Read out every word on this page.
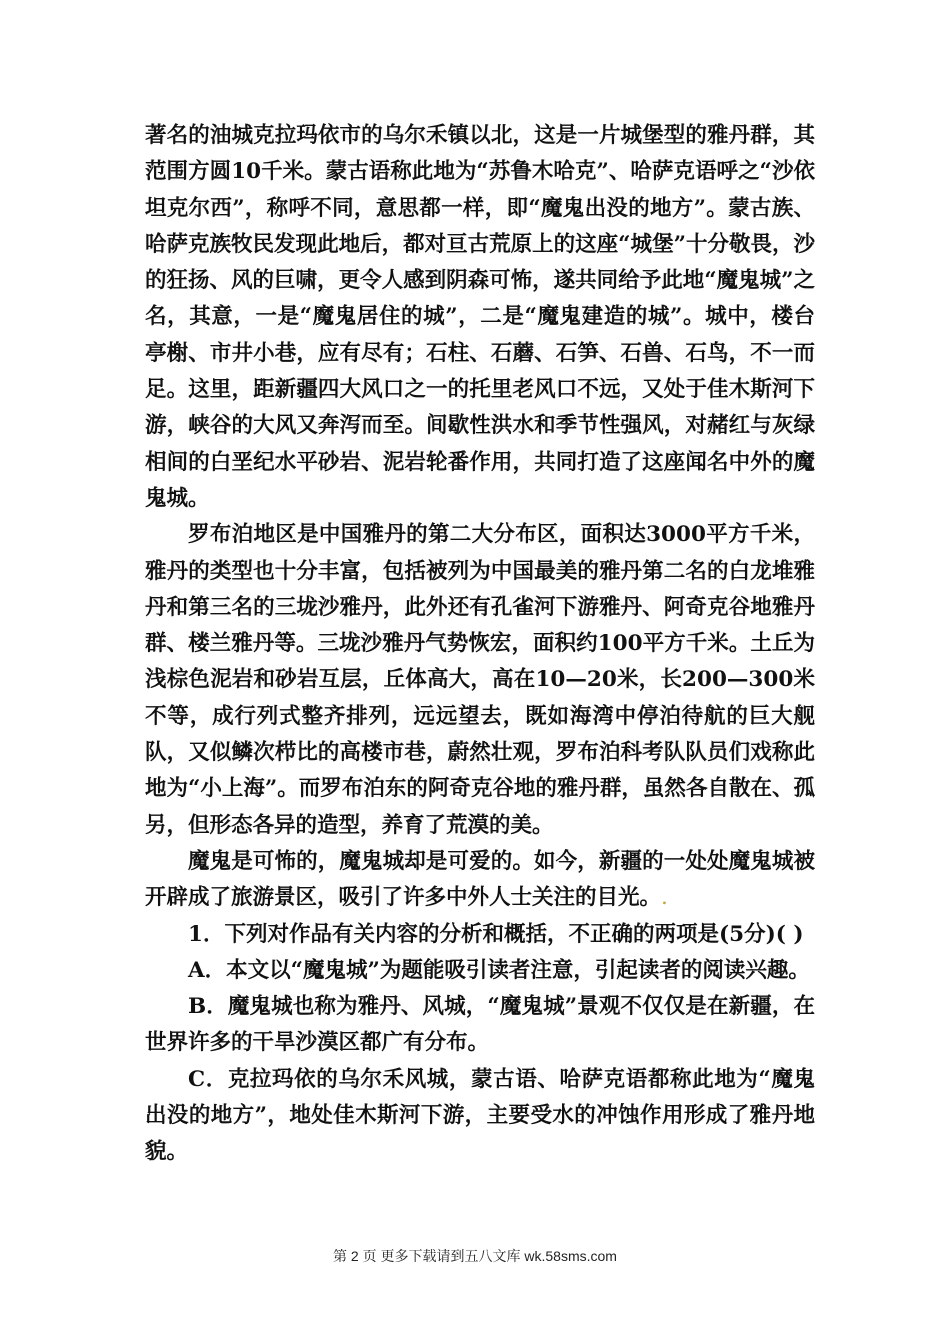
著名的油城克拉玛依市的乌尔禾镇以北，这是一片城堡型的雅丹群，其范围方圆10千米。蒙古语称此地为“苏鲁木哈克”、哈萨克语呼之“沙依坦克尔西”，称呼不同，意思都一样，即“魔鬼出没的地方”。蒙古族、哈萨克族牧民发现此地后，都对亘古荒原上的这座“城堡”十分敬畏，沙的狂扬、风的巨啸，更令人感到阴森可怖，遂共同给予此地“魔鬼城”之名，其意，一是“魔鬼居住的城”，二是“魔鬼建造的城”。城中，楼台亭榭、市井小巷，应有尽有；石柱、石蘑、石笋、石兽、石鸟，不一而足。这里，距新疆四大风口之一的托里老风口不远，又处于佳木斯河下游，峡谷的大风又奔泻而至。间歇性洪水和季节性强风，对赭红与灰绿相间的白垩纪水平砂岩、泥岩轮番作用，共同打造了这座闻名中外的魔鬼城。

罗布泊地区是中国雅丹的第二大分布区，面积达3000平方千米，雅丹的类型也十分丰富，包括被列为中国最美的雅丹第二名的白龙堆雅丹和第三名的三垅沙雅丹，此外还有孔雀河下游雅丹、阿奇克谷地雅丹群、楼兰雅丹等。三垅沙雅丹气势恢宏，面积约100平方千米。土丘为浅棕色泥岩和砂岩互层，丘体高大，高在10—20米，长200—300米不等，成行列式整齐排列，远远望去，既如海湾中停泊待航的巨大舰队，又似鳞次栉比的高楼市巷，蔚然壮观，罗布泊科考队队员们戏称此地为“小上海”。而罗布泊东的阿奇克谷地的雅丹群，虽然各自散在、孤另，但形态各异的造型，养育了荒漠的美。

魔鬼是可怖的，魔鬼城却是可爱的。如今，新疆的一处处魔鬼城被开辟成了旅游景区，吸引了许多中外人士关注的目光。.

1．下列对作品有关内容的分析和概括，不正确的两项是(5分)( )

A．本文以“魔鬼城”为题能吸引读者注意，引起读者的阅读兴趣。

B．魔鬼城也称为雅丹、风城，“魔鬼城”景观不仅仅是在新疆，在世界许多的干旱沙漠区都广有分布。

C．克拉玛依的乌尔禾风城，蒙古语、哈萨克语都称此地为“魔鬼出没的地方”，地处佳木斯河下游，主要受水的冲蚀作用形成了雅丹地貌。

第 2 页 更多下载请到五八文库 wk.58sms.com
